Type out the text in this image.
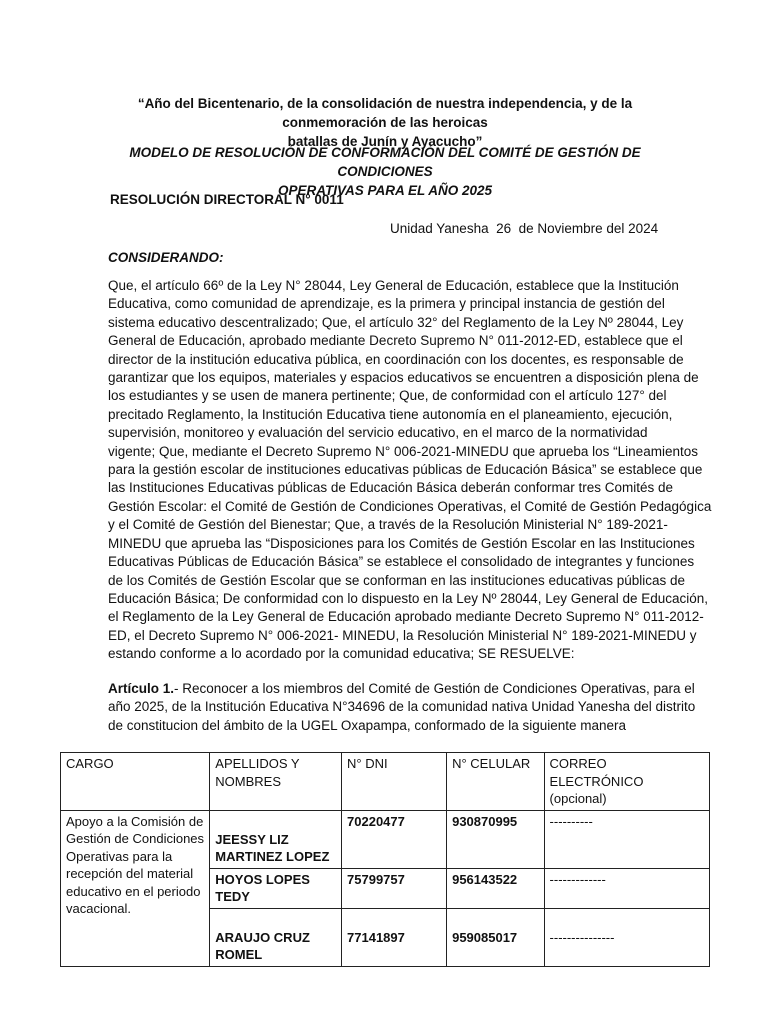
“Año del Bicentenario, de la consolidación de nuestra independencia, y de la conmemoración de las heroicas
batallas de Junín y Ayacucho”
MODELO DE RESOLUCIÓN DE CONFORMACIÓN DEL COMITÉ DE GESTIÓN DE CONDICIONES
OPERATIVAS PARA EL AÑO 2025
RESOLUCIÓN DIRECTORAL N° 0011
Unidad Yanesha  26  de Noviembre del 2024
CONSIDERANDO:
Que, el artículo 66º de la Ley N° 28044, Ley General de Educación, establece que la Institución
Educativa, como comunidad de aprendizaje, es la primera y principal instancia de gestión del
sistema educativo descentralizado; Que, el artículo 32° del Reglamento de la Ley Nº 28044, Ley
General de Educación, aprobado mediante Decreto Supremo N° 011-2012-ED, establece que el
director de la institución educativa pública, en coordinación con los docentes, es responsable de
garantizar que los equipos, materiales y espacios educativos se encuentren a disposición plena de
los estudiantes y se usen de manera pertinente; Que, de conformidad con el artículo 127° del
precitado Reglamento, la Institución Educativa tiene autonomía en el planeamiento, ejecución,
supervisión, monitoreo y evaluación del servicio educativo, en el marco de la normatividad
vigente; Que, mediante el Decreto Supremo N° 006-2021-MINEDU que aprueba los “Lineamientos
para la gestión escolar de instituciones educativas públicas de Educación Básica” se establece que
las Instituciones Educativas públicas de Educación Básica deberán conformar tres Comités de
Gestión Escolar: el Comité de Gestión de Condiciones Operativas, el Comité de Gestión Pedagógica
y el Comité de Gestión del Bienestar; Que, a través de la Resolución Ministerial N° 189-2021-
MINEDU que aprueba las “Disposiciones para los Comités de Gestión Escolar en las Instituciones
Educativas Públicas de Educación Básica” se establece el consolidado de integrantes y funciones
de los Comités de Gestión Escolar que se conforman en las instituciones educativas públicas de
Educación Básica; De conformidad con lo dispuesto en la Ley Nº 28044, Ley General de Educación,
el Reglamento de la Ley General de Educación aprobado mediante Decreto Supremo N° 011-2012-
ED, el Decreto Supremo N° 006-2021- MINEDU, la Resolución Ministerial N° 189-2021-MINEDU y
estando conforme a lo acordado por la comunidad educativa; SE RESUELVE:
Artículo 1.- Reconocer a los miembros del Comité de Gestión de Condiciones Operativas, para el
año 2025, de la Institución Educativa N°34696 de la comunidad nativa Unidad Yanesha del distrito
de constitucion del ámbito de la UGEL Oxapampa, conformado de la siguiente manera
CARGO	APELLIDOS Y NOMBRES	N° DNI	N° CELULAR	CORREO ELECTRÓNICO (opcional)
Apoyo a la Comisión de Gestión de Condiciones Operativas para la recepción del material educativo en el periodo vacacional.	JEESSY LIZ MARTINEZ LOPEZ	70220477	930870995	----------
	HOYOS LOPES TEDY	75799757	956143522	-------------
	ARAUJO CRUZ ROMEL	77141897	959085017	---------------
